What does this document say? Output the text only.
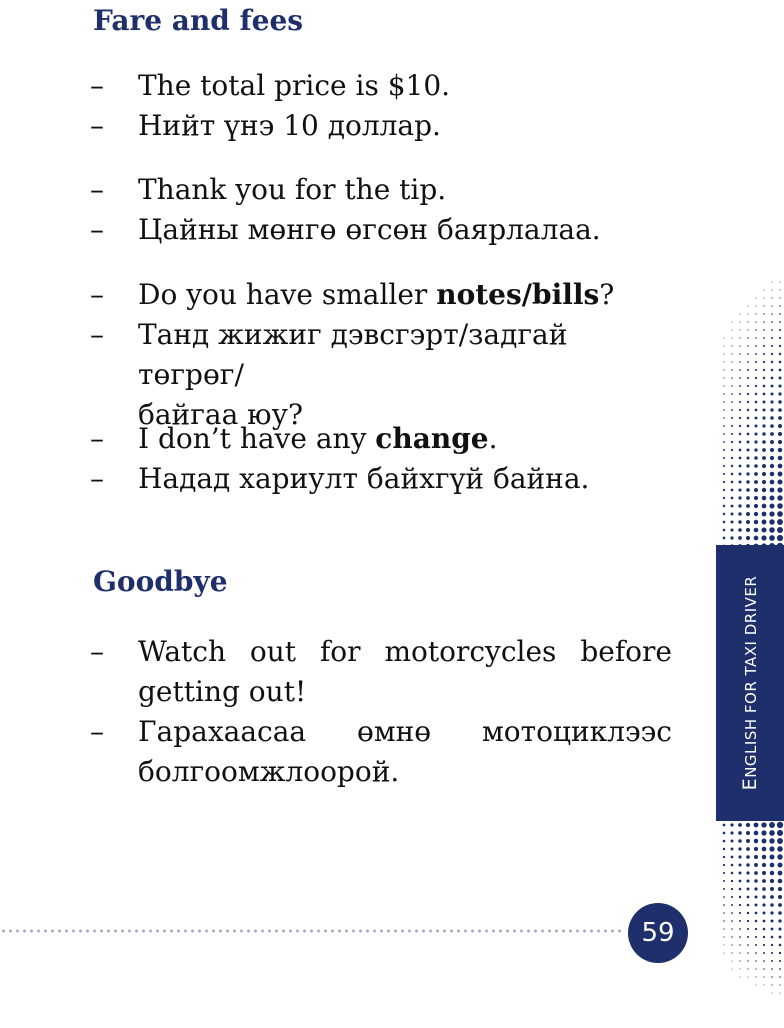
Fare and fees
– The total price is $10.
– Нийт үнэ 10 доллар.
– Thank you for the tip.
– Цайны мөнгө өгсөн баярлалаа.
– Do you have smaller notes/bills?
– Танд жижиг дэвсгэрт/задгай төгрөг/
байгаа юу?
– I don’t have any change.
– Надад хариулт байхгүй байна.
Goodbye
– Watch out for motorcycles before
getting out!
– Гарахаасаа өмнө мотоциклээс
болгоомжлоорой.	ENGLISH FOR TAXI DRIVER
59
